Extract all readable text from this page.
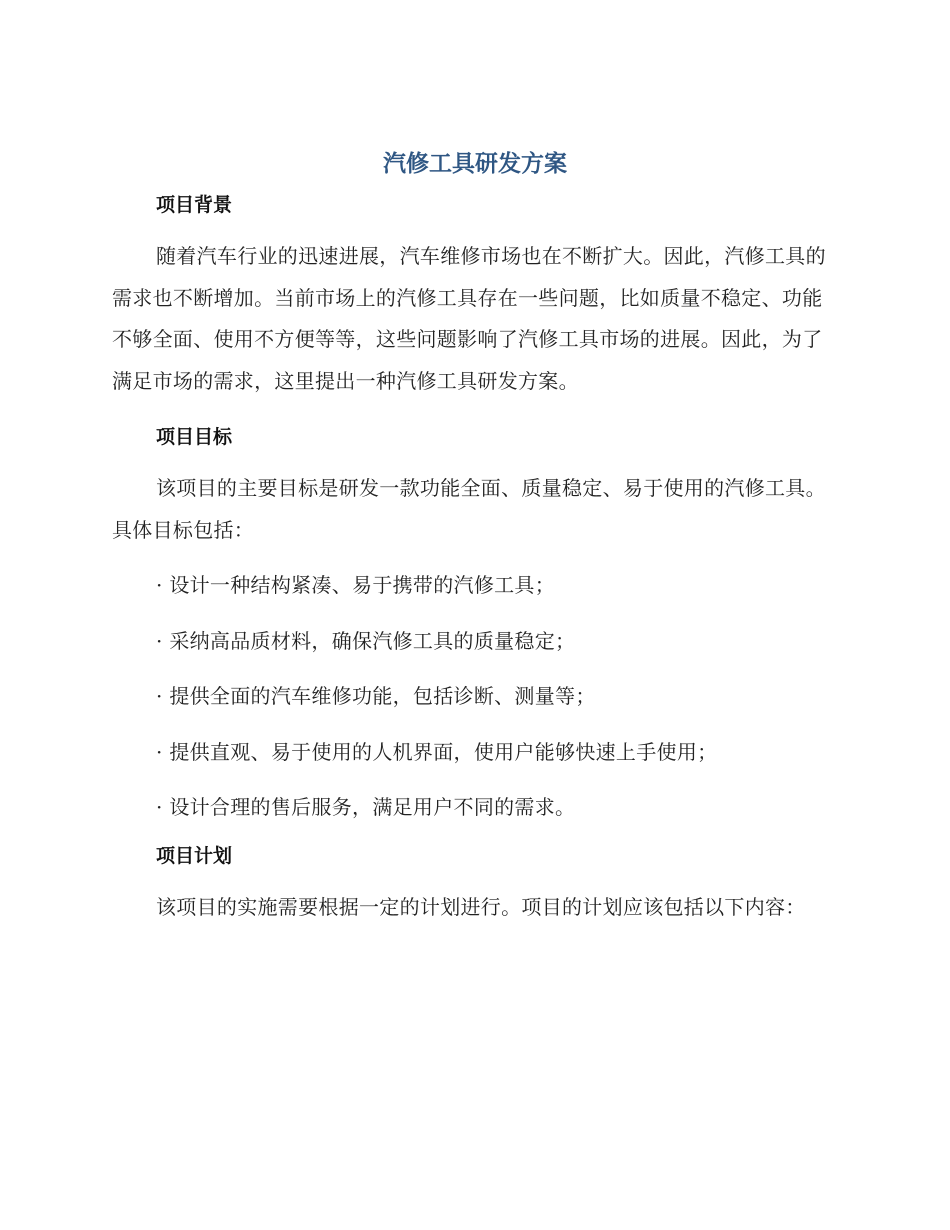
汽修工具研发方案
项目背景

随着汽车行业的迅速进展，汽车维修市场也在不断扩大。因此，汽修工具的需求也不断增加。当前市场上的汽修工具存在一些问题，比如质量不稳定、功能不够全面、使用不方便等等，这些问题影响了汽修工具市场的进展。因此，为了满足市场的需求，这里提出一种汽修工具研发方案。

项目目标

该项目的主要目标是研发一款功能全面、质量稳定、易于使用的汽修工具。具体目标包括：

· 设计一种结构紧凑、易于携带的汽修工具；

· 采纳高品质材料，确保汽修工具的质量稳定；

· 提供全面的汽车维修功能，包括诊断、测量等；

· 提供直观、易于使用的人机界面，使用户能够快速上手使用；

· 设计合理的售后服务，满足用户不同的需求。

项目计划

该项目的实施需要根据一定的计划进行。项目的计划应该包括以下内容：
